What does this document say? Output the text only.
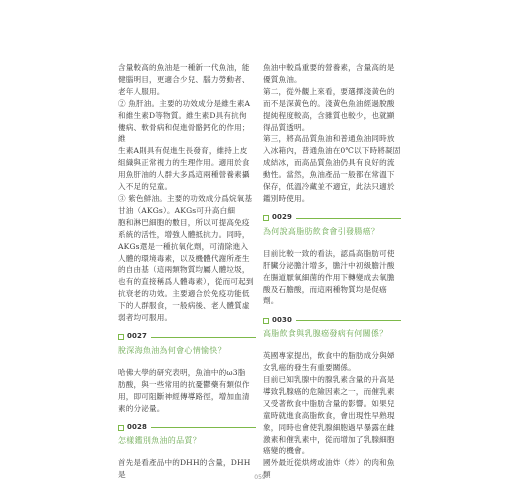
含量較高的魚油是一種新一代魚油，能
健腦明目，更適合少兒、腦力勞動者、
老年人服用。
② 魚肝油。主要的功效成分是維生素A
和維生素D等物質。維生素D具有抗佝
僂病、軟骨病和促進骨骼鈣化的作用；維
生素A則具有促進生長發育，維持上皮
組織與正常視力的生理作用。適用於食
用魚肝油的人群大多爲這兩種營養素攝
入不足的兒童。
③ 紫色鮮油。主要的功效成分爲烷氧基
甘油（AKGs）。AKGs可升高白細
胞和淋巴細胞的數目，所以可提高免疫
系統的活性，增強人體抵抗力。同時，
AKGs還是一種抗氧化劑，可清除進入
人體的環境毒素，以及機體代謝所產生
的自由基（這兩類物質均屬人體垃圾，
也有的直接稱爲人體毒素），從而可起到
抗衰老的功效。主要適合於免疫功能低
下的人群服食，一般病後、老人體質虛
弱者均可服用。
0027
脫深海魚油為何會心情愉快？
哈佛大學的研究表明，魚油中的ω3脂
肪酸，與一些常用的抗憂鬱藥有類似作
用，即可阻斷神經傳導路徑，增加血清
素的分泌量。
0028
怎樣鑑別魚油的品質？
首先是看產品中的DHH的含量，DHH是
魚油中較爲重要的營養素，含量高的是
優質魚油。
第二，從外觀上來看，要選擇淺黃色的
而不是深黃色的。淺黃色魚油經過脫酸
提純程度較高，含雜質也較少，也就顯
得品質透明。
第三，將高品質魚油和普通魚油同時放
入冰箱內，普通魚油在0℃以下時將凝固
成結冰，而高品質魚油仍具有良好的流
動性。當然，魚油產品一般都在常溫下
保存，低溫冷藏並不適宜，此法只適於
鑑別時使用。
0029
為何說高脂肪飲食會引發腸癌？
目前比較一致的看法，認爲高脂肪可使
肝臟分泌膽汁增多，膽汁中初級膽汁酸
在腸道厭氧細菌的作用下轉變成去氧膽
酸及石膽酸，而這兩種物質均是促癌劑。
0030
高脂飲食與乳腺癌發病有何關係？
英國專家提出，飲食中的脂肪成分與婦
女乳癌的發生有重要關係。
目前已知乳腺中的腺乳素含量的升高是
導致乳腺癌的危險因素之一，而催乳素
又受著飲食中脂肪含量的影響。如果兒
童時就進食高脂飲食，會出現性早熟現
象，同時也會使乳腺細胞過早暴露在雌
激素和催乳素中，從而增加了乳腺細胞
癌變的機會。
國外最近從烘烤或油炸（炸）的肉和魚類
059
